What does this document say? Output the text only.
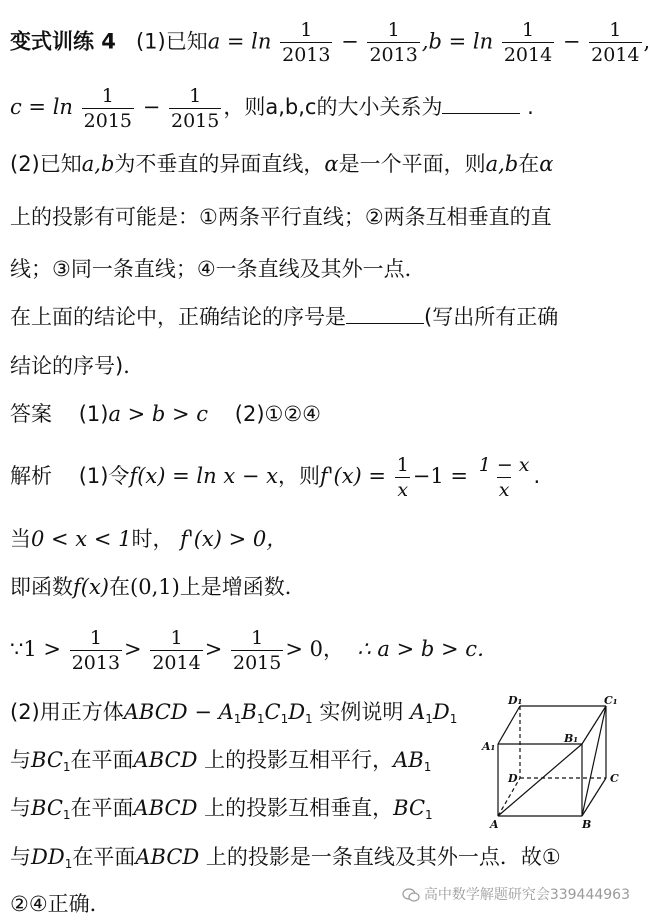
变式训练 4 (1)已知$a = \ln \frac{1}{2013} - \frac{1}{2013} ,b = \ln \frac{1}{2014} - \frac{1}{2014}$ ,
$c = \ln \frac{1}{2015} - \frac{1}{2015}$ ，则a,b,c的大小关系为	.
(2)已知a,b为不垂直的异面直线，α是一个平面，则a,b在α
上的投影有可能是：①两条平行直线；②两条互相垂直的直
线；③同一条直线；④一条直线及其外一点．
在上面的结论中，正确结论的序号是	(写出所有正确
结论的序号)．
答案 (1)a > b > c (2)①②④
解析 (1)令f(x) = ln x − x，则$f'(x) = \frac{1}{x} -1 = \frac{1 - x}{x}$ .
当0 < x < 1时， f'(x) > 0，
即函数f(x)在(0,1)上是增函数．
∵1 > $\frac{1}{2013} > \frac{1}{2014} > \frac{1}{2015} > 0$， ∴ a > b > c．
(2)用正方体ABCD − $A_1B_1C_1D_1$ 实例说明 $A_1D_1$
与$BC_1$在平面ABCD 上的投影互相平行，$AB_1$
与$BC_1$在平面ABCD 上的投影互相垂直，$BC_1$
与$DD_1$在平面ABCD 上的投影是一条直线及其外一点．故①
②④正确．
D₁	C₁
A₁
B₁
D	C
A	B
高中数学解题研究会339444963
